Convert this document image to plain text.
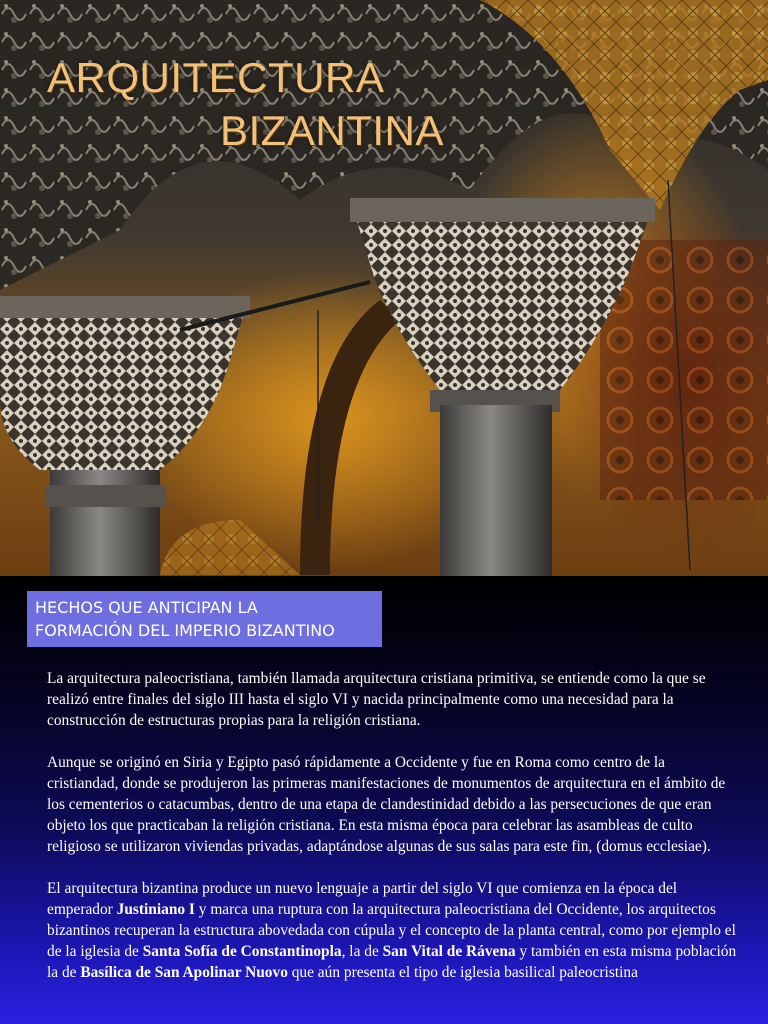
ARQUITECTURA
BIZANTINA
HECHOS QUE ANTICIPAN LA
FORMACIÓN DEL IMPERIO BIZANTINO

La arquitectura paleocristiana, también llamada arquitectura cristiana primitiva, se entiende como la que se realizó entre finales del siglo III hasta el siglo VI y nacida principalmente como una necesidad para la construcción de estructuras propias para la religión cristiana.

Aunque se originó en Siria y Egipto pasó rápidamente a Occidente y fue en Roma como centro de la cristiandad, donde se produjeron las primeras manifestaciones de monumentos de arquitectura en el ámbito de los cementerios o catacumbas, dentro de una etapa de clandestinidad debido a las persecuciones de que eran objeto los que practicaban la religión cristiana. En esta misma época para celebrar las asambleas de culto religioso se utilizaron viviendas privadas, adaptándose algunas de sus salas para este fin, (domus ecclesiae).

El arquitectura bizantina produce un nuevo lenguaje a partir del siglo VI que comienza en la época del emperador Justiniano I y marca una ruptura con la arquitectura paleocristiana del Occidente, los arquitectos bizantinos recuperan la estructura abovedada con cúpula y el concepto de la planta central, como por ejemplo el de la iglesia de Santa Sofía de Constantinopla, la de San Vital de Rávena y también en esta misma población la de Basílica de San Apolinar Nuovo que aún presenta el tipo de iglesia basilical paleocristina
